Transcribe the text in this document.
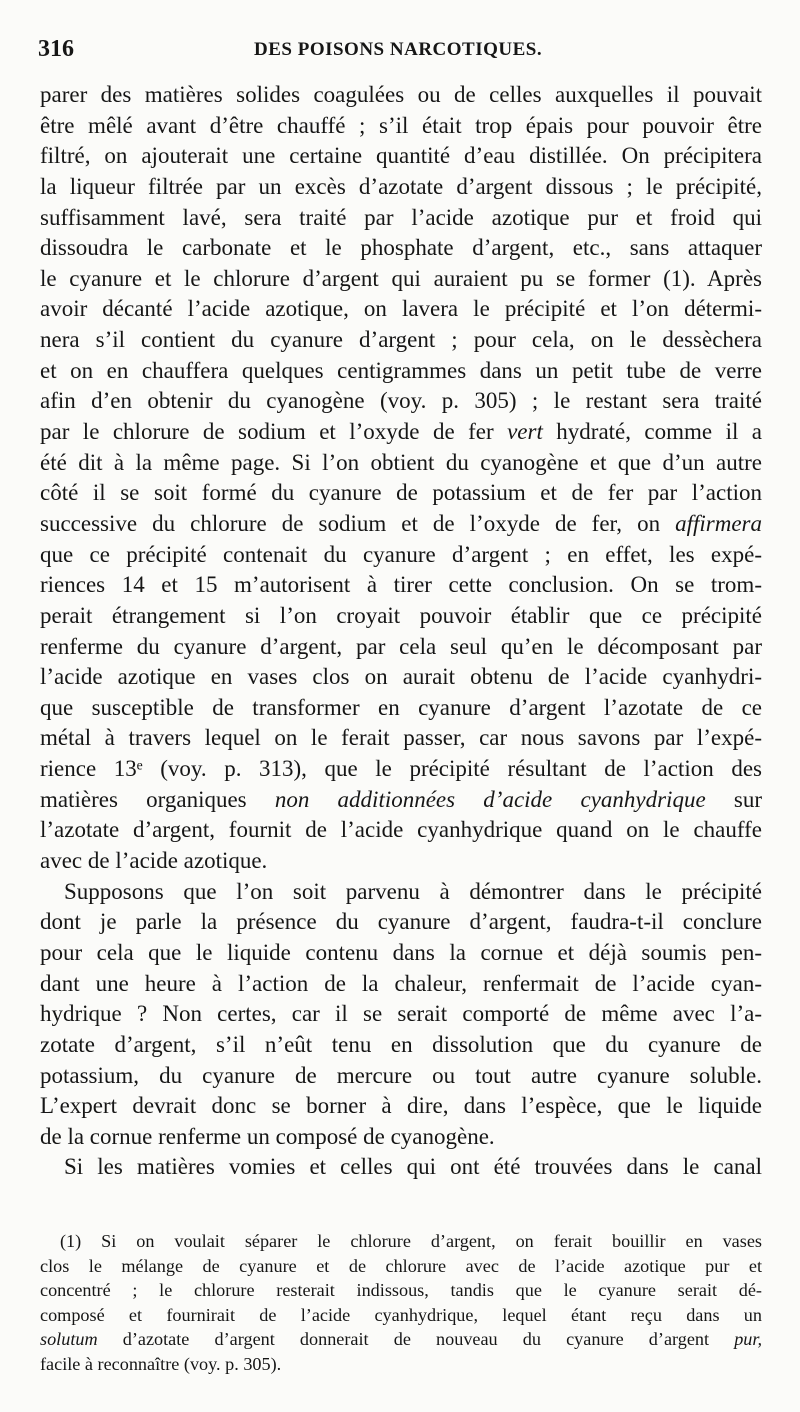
316	DES POISONS NARCOTIQUES.
parer des matières solides coagulées ou de celles auxquelles il pouvait
être mêlé avant d’être chauffé ; s’il était trop épais pour pouvoir être
filtré, on ajouterait une certaine quantité d’eau distillée. On précipitera
la liqueur filtrée par un excès d’azotate d’argent dissous ; le précipité,
suffisamment lavé, sera traité par l’acide azotique pur et froid qui
dissoudra le carbonate et le phosphate d’argent, etc., sans attaquer
le cyanure et le chlorure d’argent qui auraient pu se former (1). Après
avoir décanté l’acide azotique, on lavera le précipité et l’on détermi-
nera s’il contient du cyanure d’argent ; pour cela, on le dessèchera
et on en chauffera quelques centigrammes dans un petit tube de verre
afin d’en obtenir du cyanogène (voy. p. 305) ; le restant sera traité
par le chlorure de sodium et l’oxyde de fer vert hydraté, comme il a
été dit à la même page. Si l’on obtient du cyanogène et que d’un autre
côté il se soit formé du cyanure de potassium et de fer par l’action
successive du chlorure de sodium et de l’oxyde de fer, on affirmera
que ce précipité contenait du cyanure d’argent ; en effet, les expé-
riences 14 et 15 m’autorisent à tirer cette conclusion. On se trom-
perait étrangement si l’on croyait pouvoir établir que ce précipité
renferme du cyanure d’argent, par cela seul qu’en le décomposant par
l’acide azotique en vases clos on aurait obtenu de l’acide cyanhydri-
que susceptible de transformer en cyanure d’argent l’azotate de ce
métal à travers lequel on le ferait passer, car nous savons par l’expé-
rience 13ᵉ (voy. p. 313), que le précipité résultant de l’action des
matières organiques non additionnées d’acide cyanhydrique sur
l’azotate d’argent, fournit de l’acide cyanhydrique quand on le chauffe
avec de l’acide azotique.
Supposons que l’on soit parvenu à démontrer dans le précipité
dont je parle la présence du cyanure d’argent, faudra-t-il conclure
pour cela que le liquide contenu dans la cornue et déjà soumis pen-
dant une heure à l’action de la chaleur, renfermait de l’acide cyan-
hydrique ? Non certes, car il se serait comporté de même avec l’a-
zotate d’argent, s’il n’eût tenu en dissolution que du cyanure de
potassium, du cyanure de mercure ou tout autre cyanure soluble.
L’expert devrait donc se borner à dire, dans l’espèce, que le liquide
de la cornue renferme un composé de cyanogène.
Si les matières vomies et celles qui ont été trouvées dans le canal
(1) Si on voulait séparer le chlorure d’argent, on ferait bouillir en vases
clos le mélange de cyanure et de chlorure avec de l’acide azotique pur et
concentré ; le chlorure resterait indissous, tandis que le cyanure serait dé-
composé et fournirait de l’acide cyanhydrique, lequel étant reçu dans un
solutum d’azotate d’argent donnerait de nouveau du cyanure d’argent pur,
facile à reconnaître (voy. p. 305).
